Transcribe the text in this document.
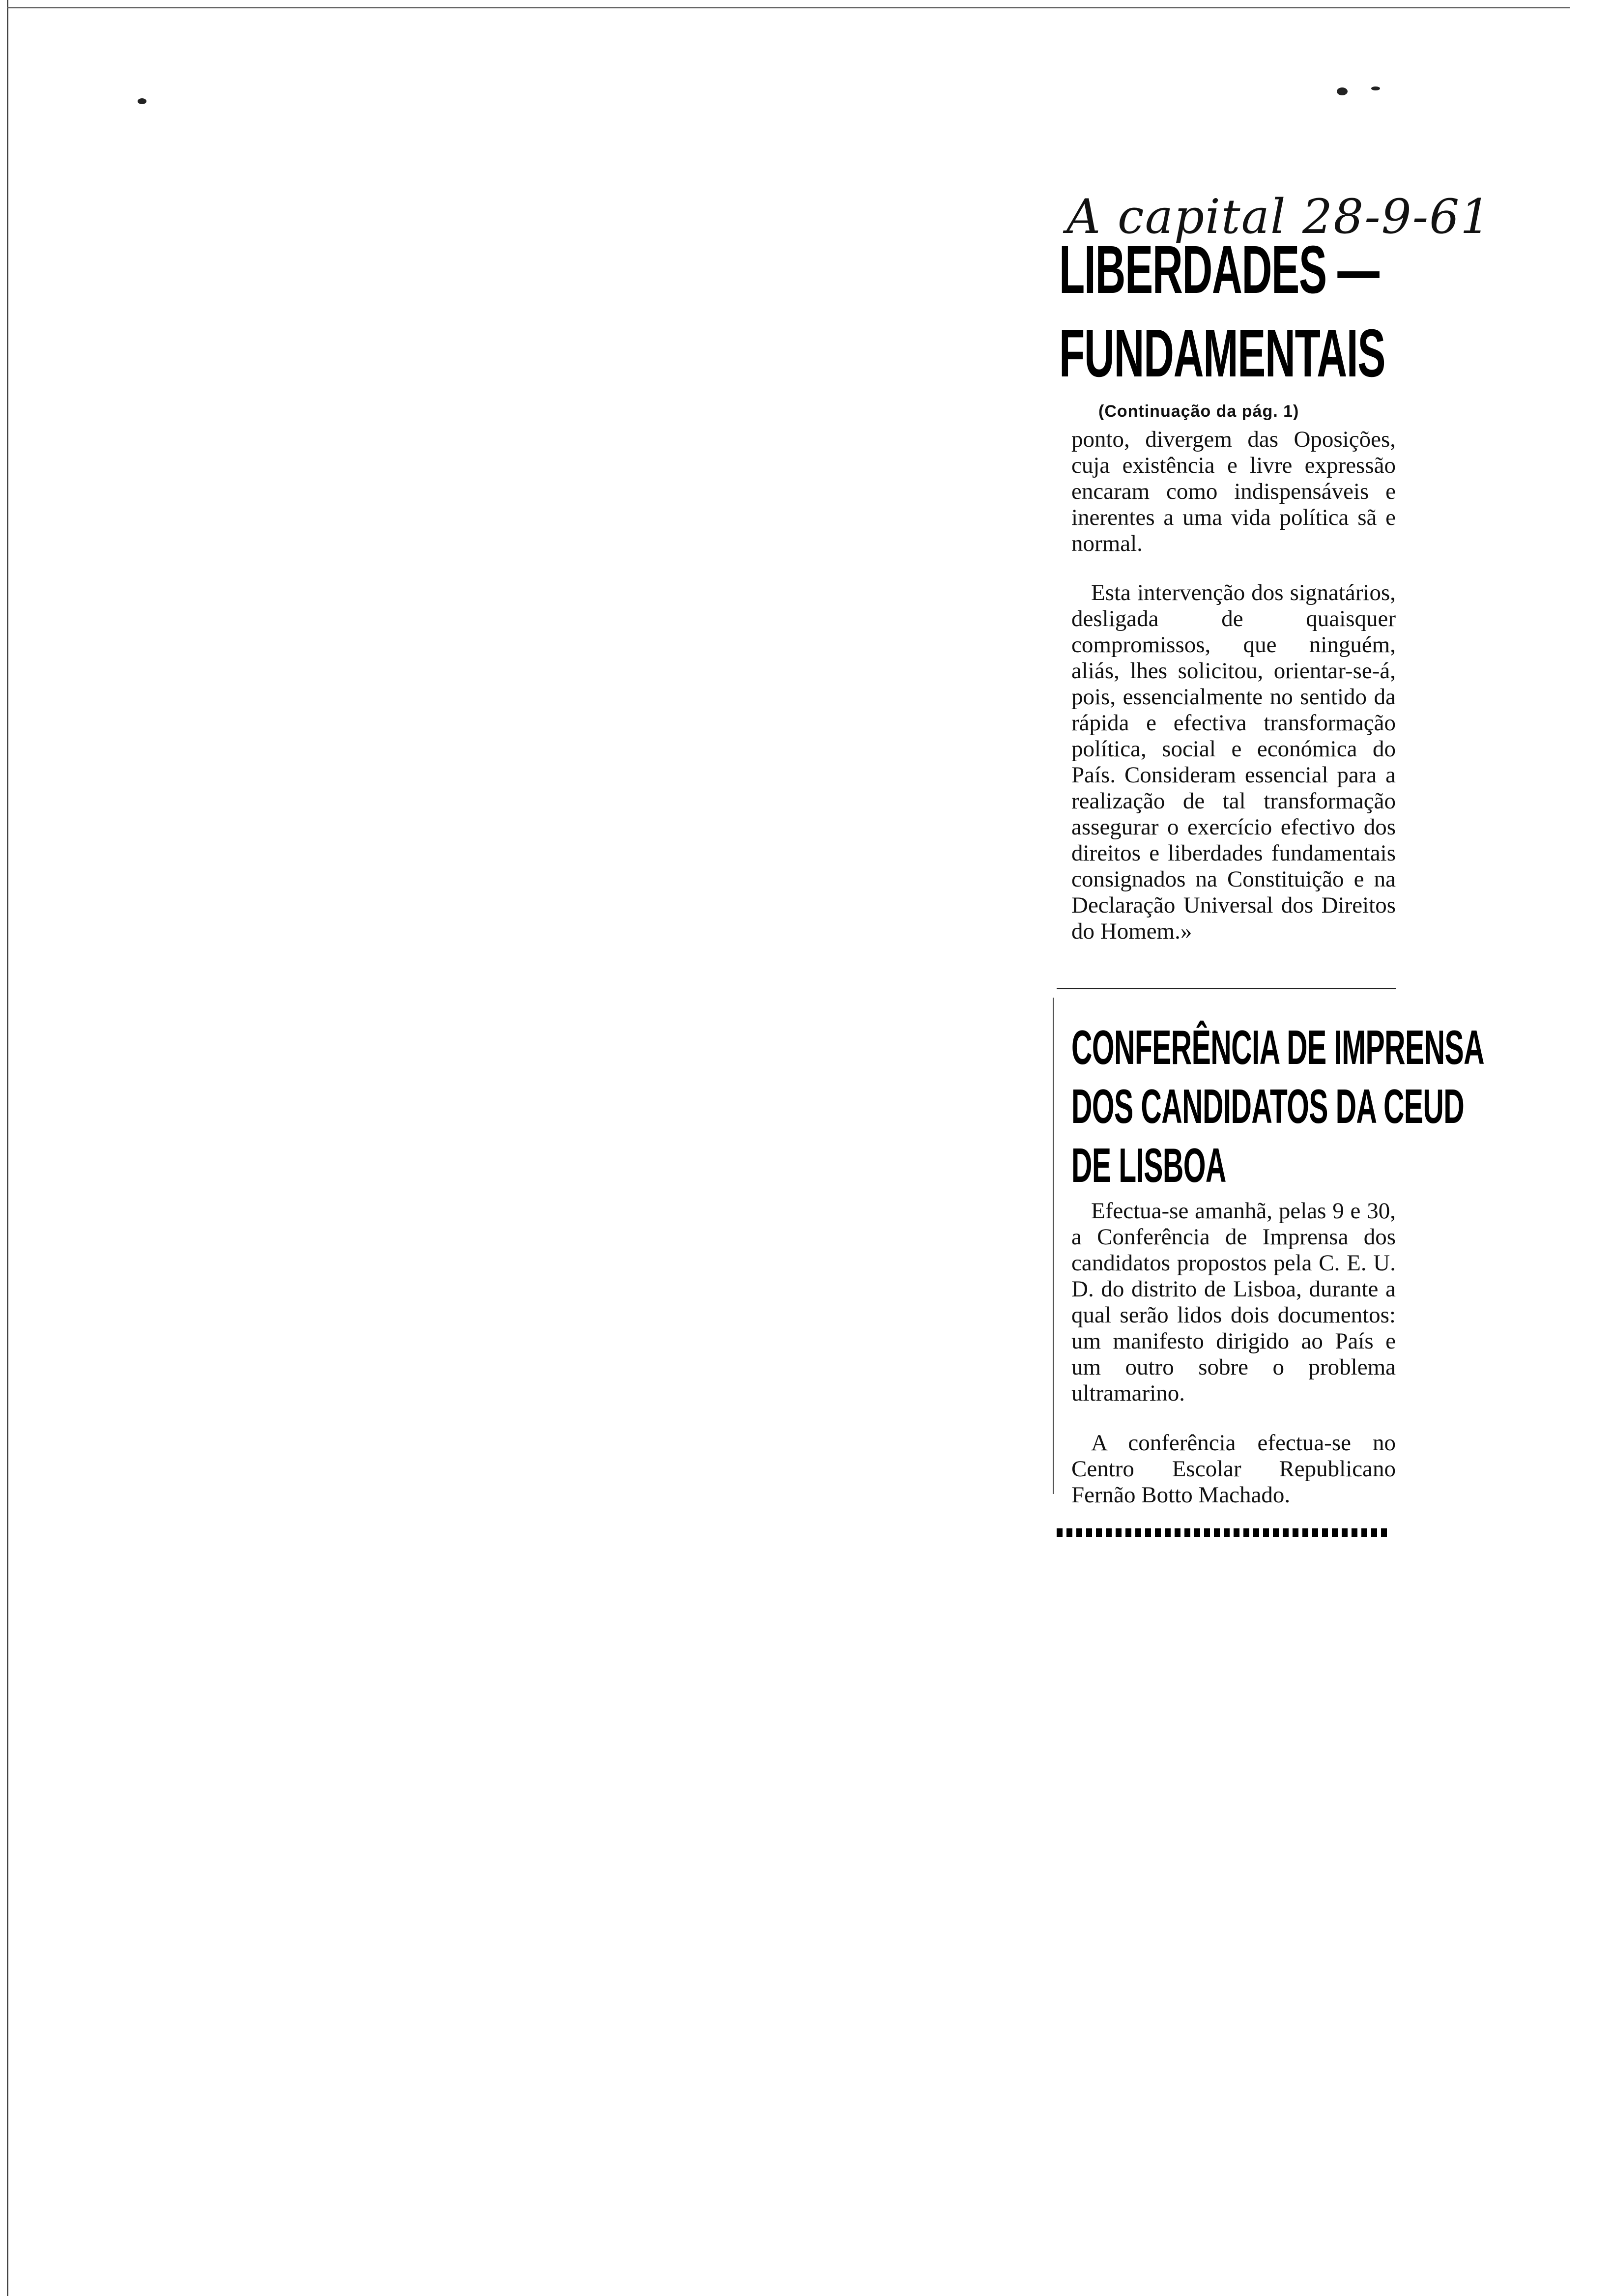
A capital 28-9-61
LIBERDADES —
FUNDAMENTAIS
(Continuação da pág. 1)
ponto, divergem das Oposições, cuja existência e livre expressão encaram como indispensáveis e inerentes a uma vida política sã e normal.
Esta intervenção dos signatários, desligada de quaisquer compromissos, que ninguém, aliás, lhes solicitou, orientar-se-á, pois, essencialmente no sentido da rápida e efectiva transformação política, social e económica do País. Consideram essencial para a realização de tal transformação assegurar o exercício efectivo dos direitos e liberdades fundamentais consignados na Constituição e na Declaração Universal dos Direitos do Homem.»
CONFERÊNCIA DE IMPRENSA
DOS CANDIDATOS DA CEUD
DE LISBOA
Efectua-se amanhã, pelas 9 e 30, a Conferência de Imprensa dos candidatos propostos pela C. E. U. D. do distrito de Lisboa, durante a qual serão lidos dois documentos: um manifesto dirigido ao País e um outro sobre o problema ultramarino.
A conferência efectua-se no Centro Escolar Republicano Fernão Botto Machado.
